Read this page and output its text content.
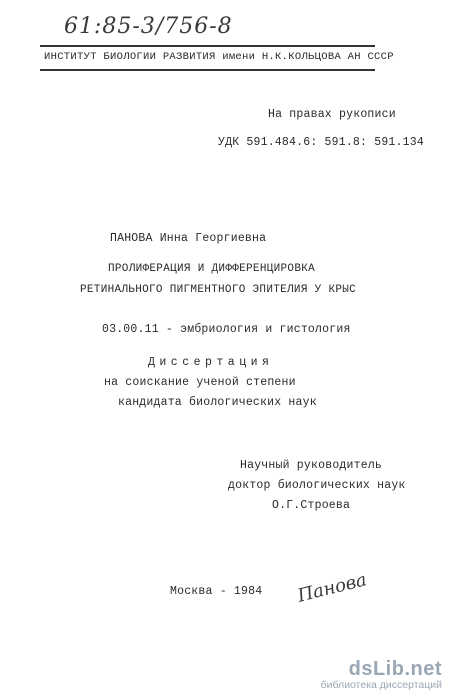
61:85-3/756-8
ИНСТИТУТ БИОЛОГИИ РАЗВИТИЯ имени Н.К.КОЛЬЦОВА АН СССР
На правах рукописи
УДК 591.484.6: 591.8: 591.134
ПАНОВА Инна Георгиевна
ПРОЛИФЕРАЦИЯ И ДИФФЕРЕНЦИРОВКА
РЕТИНАЛЬНОГО ПИГМЕНТНОГО ЭПИТЕЛИЯ У КРЫС
03.00.11 - эмбриология и гистология
Диссертация
на соискание ученой степени
кандидата биологических наук
Научный руководитель
доктор биологических наук
О.Г.Строева
Москва - 1984 Панова
dsLib.net
библиотека диссертаций
